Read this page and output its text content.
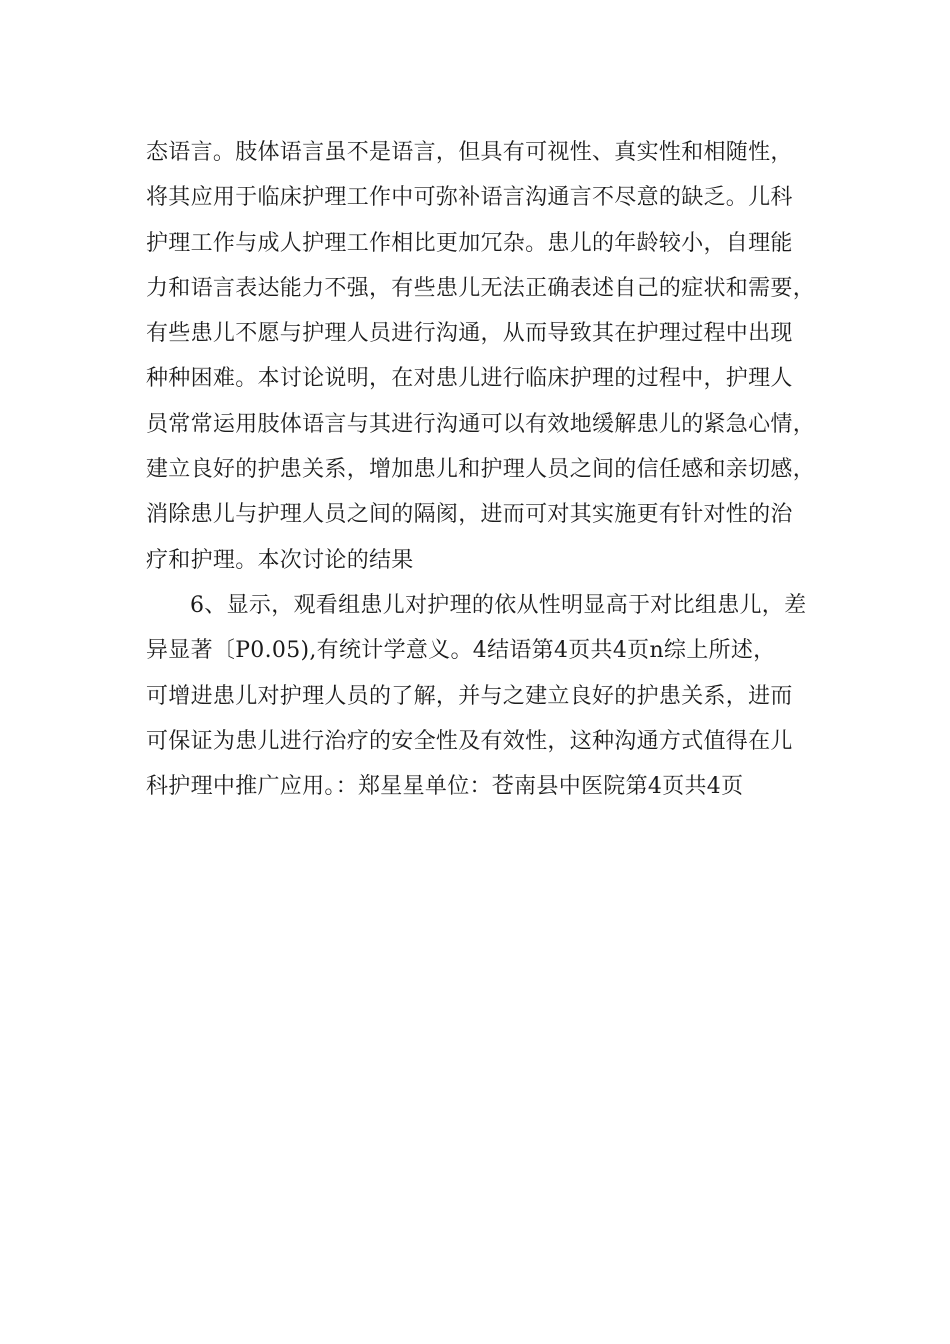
态语言。肢体语言虽不是语言，但具有可视性、真实性和相随性，
将其应用于临床护理工作中可弥补语言沟通言不尽意的缺乏。儿科
护理工作与成人护理工作相比更加冗杂。患儿的年龄较小，自理能
力和语言表达能力不强，有些患儿无法正确表述自己的症状和需要，
有些患儿不愿与护理人员进行沟通，从而导致其在护理过程中出现
种种困难。本讨论说明，在对患儿进行临床护理的过程中，护理人
员常常运用肢体语言与其进行沟通可以有效地缓解患儿的紧急心情，
建立良好的护患关系，增加患儿和护理人员之间的信任感和亲切感，
消除患儿与护理人员之间的隔阂，进而可对其实施更有针对性的治
疗和护理。本次讨论的结果
6、显示，观看组患儿对护理的依从性明显高于对比组患儿，差
异显著〔P0.05),有统计学意义。4结语第4页共4页n综上所述，
可增进患儿对护理人员的了解，并与之建立良好的护患关系，进而
可保证为患儿进行治疗的安全性及有效性，这种沟通方式值得在儿
科护理中推广应用。：郑星星单位：苍南县中医院第4页共4页
